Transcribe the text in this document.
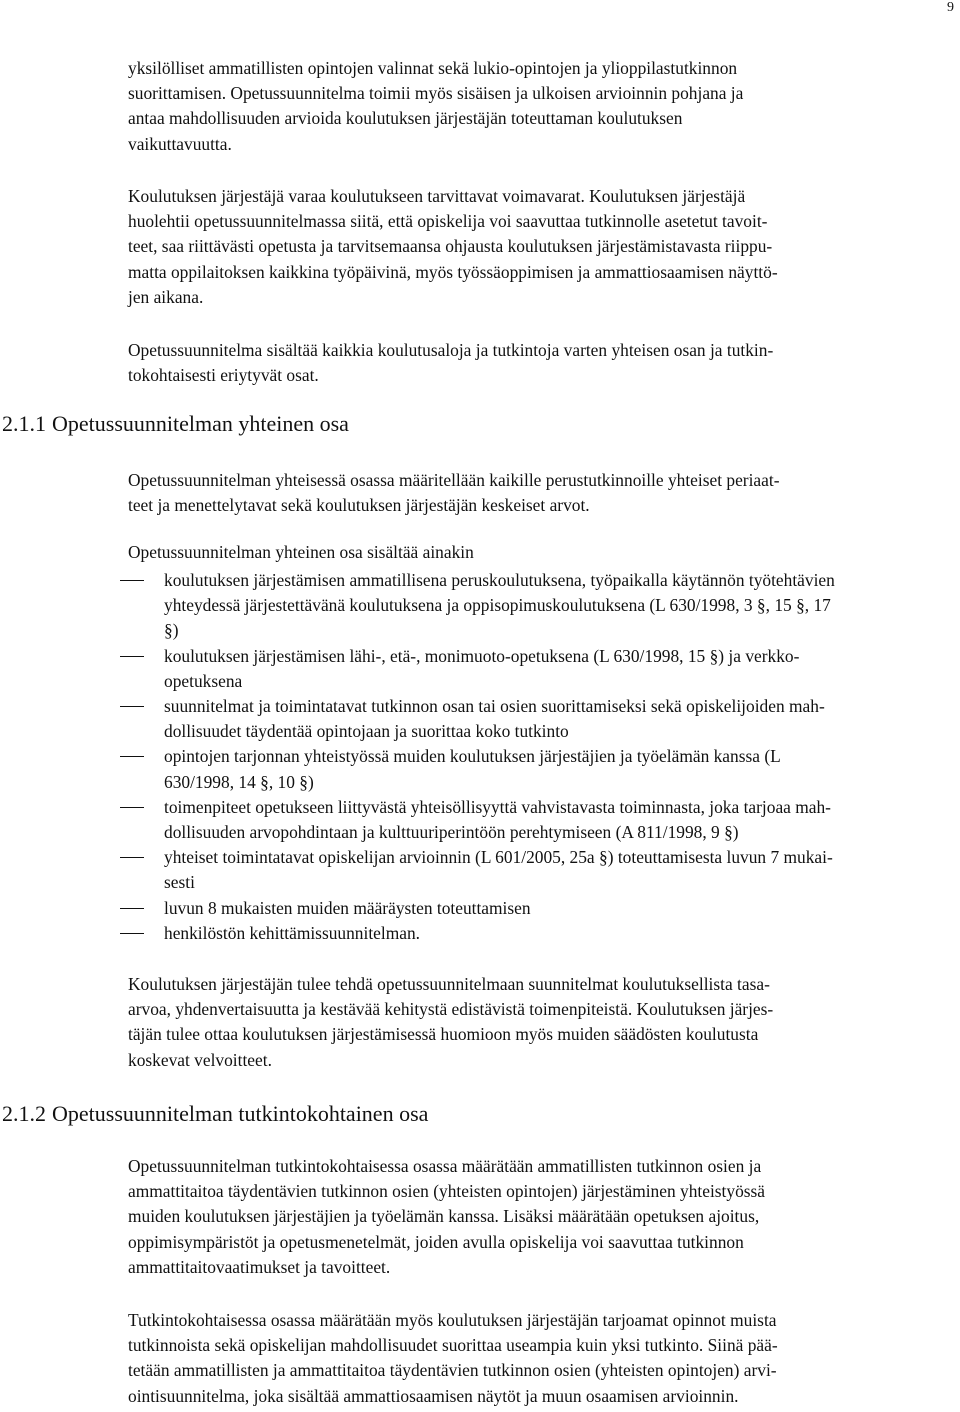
9

yksilölliset ammatillisten opintojen valinnat sekä lukio-opintojen ja ylioppilastutkinnon
suorittamisen. Opetussuunnitelma toimii myös sisäisen ja ulkoisen arvioinnin pohjana ja
antaa mahdollisuuden arvioida koulutuksen järjestäjän toteuttaman koulutuksen
vaikuttavuutta.

Koulutuksen järjestäjä varaa koulutukseen tarvittavat voimavarat. Koulutuksen järjestäjä
huolehtii opetussuunnitelmassa siitä, että opiskelija voi saavuttaa tutkinnolle asetetut tavoit-
teet, saa riittävästi opetusta ja tarvitsemaansa ohjausta koulutuksen järjestämistavasta riippu-
matta oppilaitoksen kaikkina työpäivinä, myös työssäoppimisen ja ammattiosaamisen näyttö-
jen aikana.

Opetussuunnitelma sisältää kaikkia koulutusaloja ja tutkintoja varten yhteisen osan ja tutkin-
tokohtaisesti eriytyvät osat.

2.1.1 Opetussuunnitelman yhteinen osa

Opetussuunnitelman yhteisessä osassa määritellään kaikille perustutkinnoille yhteiset periaat-
teet ja menettelytavat sekä koulutuksen järjestäjän keskeiset arvot.

Opetussuunnitelman yhteinen osa sisältää ainakin

koulutuksen järjestämisen ammatillisena peruskoulutuksena, työpaikalla käytännön työtehtävien
yhteydessä järjestettävänä koulutuksena ja oppisopimuskoulutuksena (L 630/1998, 3 §, 15 §, 17
§)
koulutuksen järjestämisen lähi-, etä-, monimuoto-opetuksena (L 630/1998, 15 §) ja verkko-
opetuksena
suunnitelmat ja toimintatavat tutkinnon osan tai osien suorittamiseksi sekä opiskelijoiden mah-
dollisuudet täydentää opintojaan ja suorittaa koko tutkinto
opintojen tarjonnan yhteistyössä muiden koulutuksen järjestäjien ja työelämän kanssa (L
630/1998, 14 §, 10 §)
toimenpiteet opetukseen liittyvästä yhteisöllisyyttä vahvistavasta toiminnasta, joka tarjoaa mah-
dollisuuden arvopohdintaan ja kulttuuriperintöön perehtymiseen (A 811/1998, 9 §)
yhteiset toimintatavat opiskelijan arvioinnin (L 601/2005, 25a §) toteuttamisesta luvun 7 mukai-
sesti
luvun 8 mukaisten muiden määräysten toteuttamisen
henkilöstön kehittämissuunnitelman.

Koulutuksen järjestäjän tulee tehdä opetussuunnitelmaan suunnitelmat koulutuksellista tasa-
arvoa, yhdenvertaisuutta ja kestävää kehitystä edistävistä toimenpiteistä. Koulutuksen järjes-
täjän tulee ottaa koulutuksen järjestämisessä huomioon myös muiden säädösten koulutusta
koskevat velvoitteet.

2.1.2 Opetussuunnitelman tutkintokohtainen osa

Opetussuunnitelman tutkintokohtaisessa osassa määrätään ammatillisten tutkinnon osien ja
ammattitaitoa täydentävien tutkinnon osien (yhteisten opintojen) järjestäminen yhteistyössä
muiden koulutuksen järjestäjien ja työelämän kanssa. Lisäksi määrätään opetuksen ajoitus,
oppimisympäristöt ja opetusmenetelmät, joiden avulla opiskelija voi saavuttaa tutkinnon
ammattitaitovaatimukset ja tavoitteet.

Tutkintokohtaisessa osassa määrätään myös koulutuksen järjestäjän tarjoamat opinnot muista
tutkinnoista sekä opiskelijan mahdollisuudet suorittaa useampia kuin yksi tutkinto. Siinä pää-
tetään ammatillisten ja ammattitaitoa täydentävien tutkinnon osien (yhteisten opintojen) arvi-
ointisuunnitelma, joka sisältää ammattiosaamisen näytöt ja muun osaamisen arvioinnin.
